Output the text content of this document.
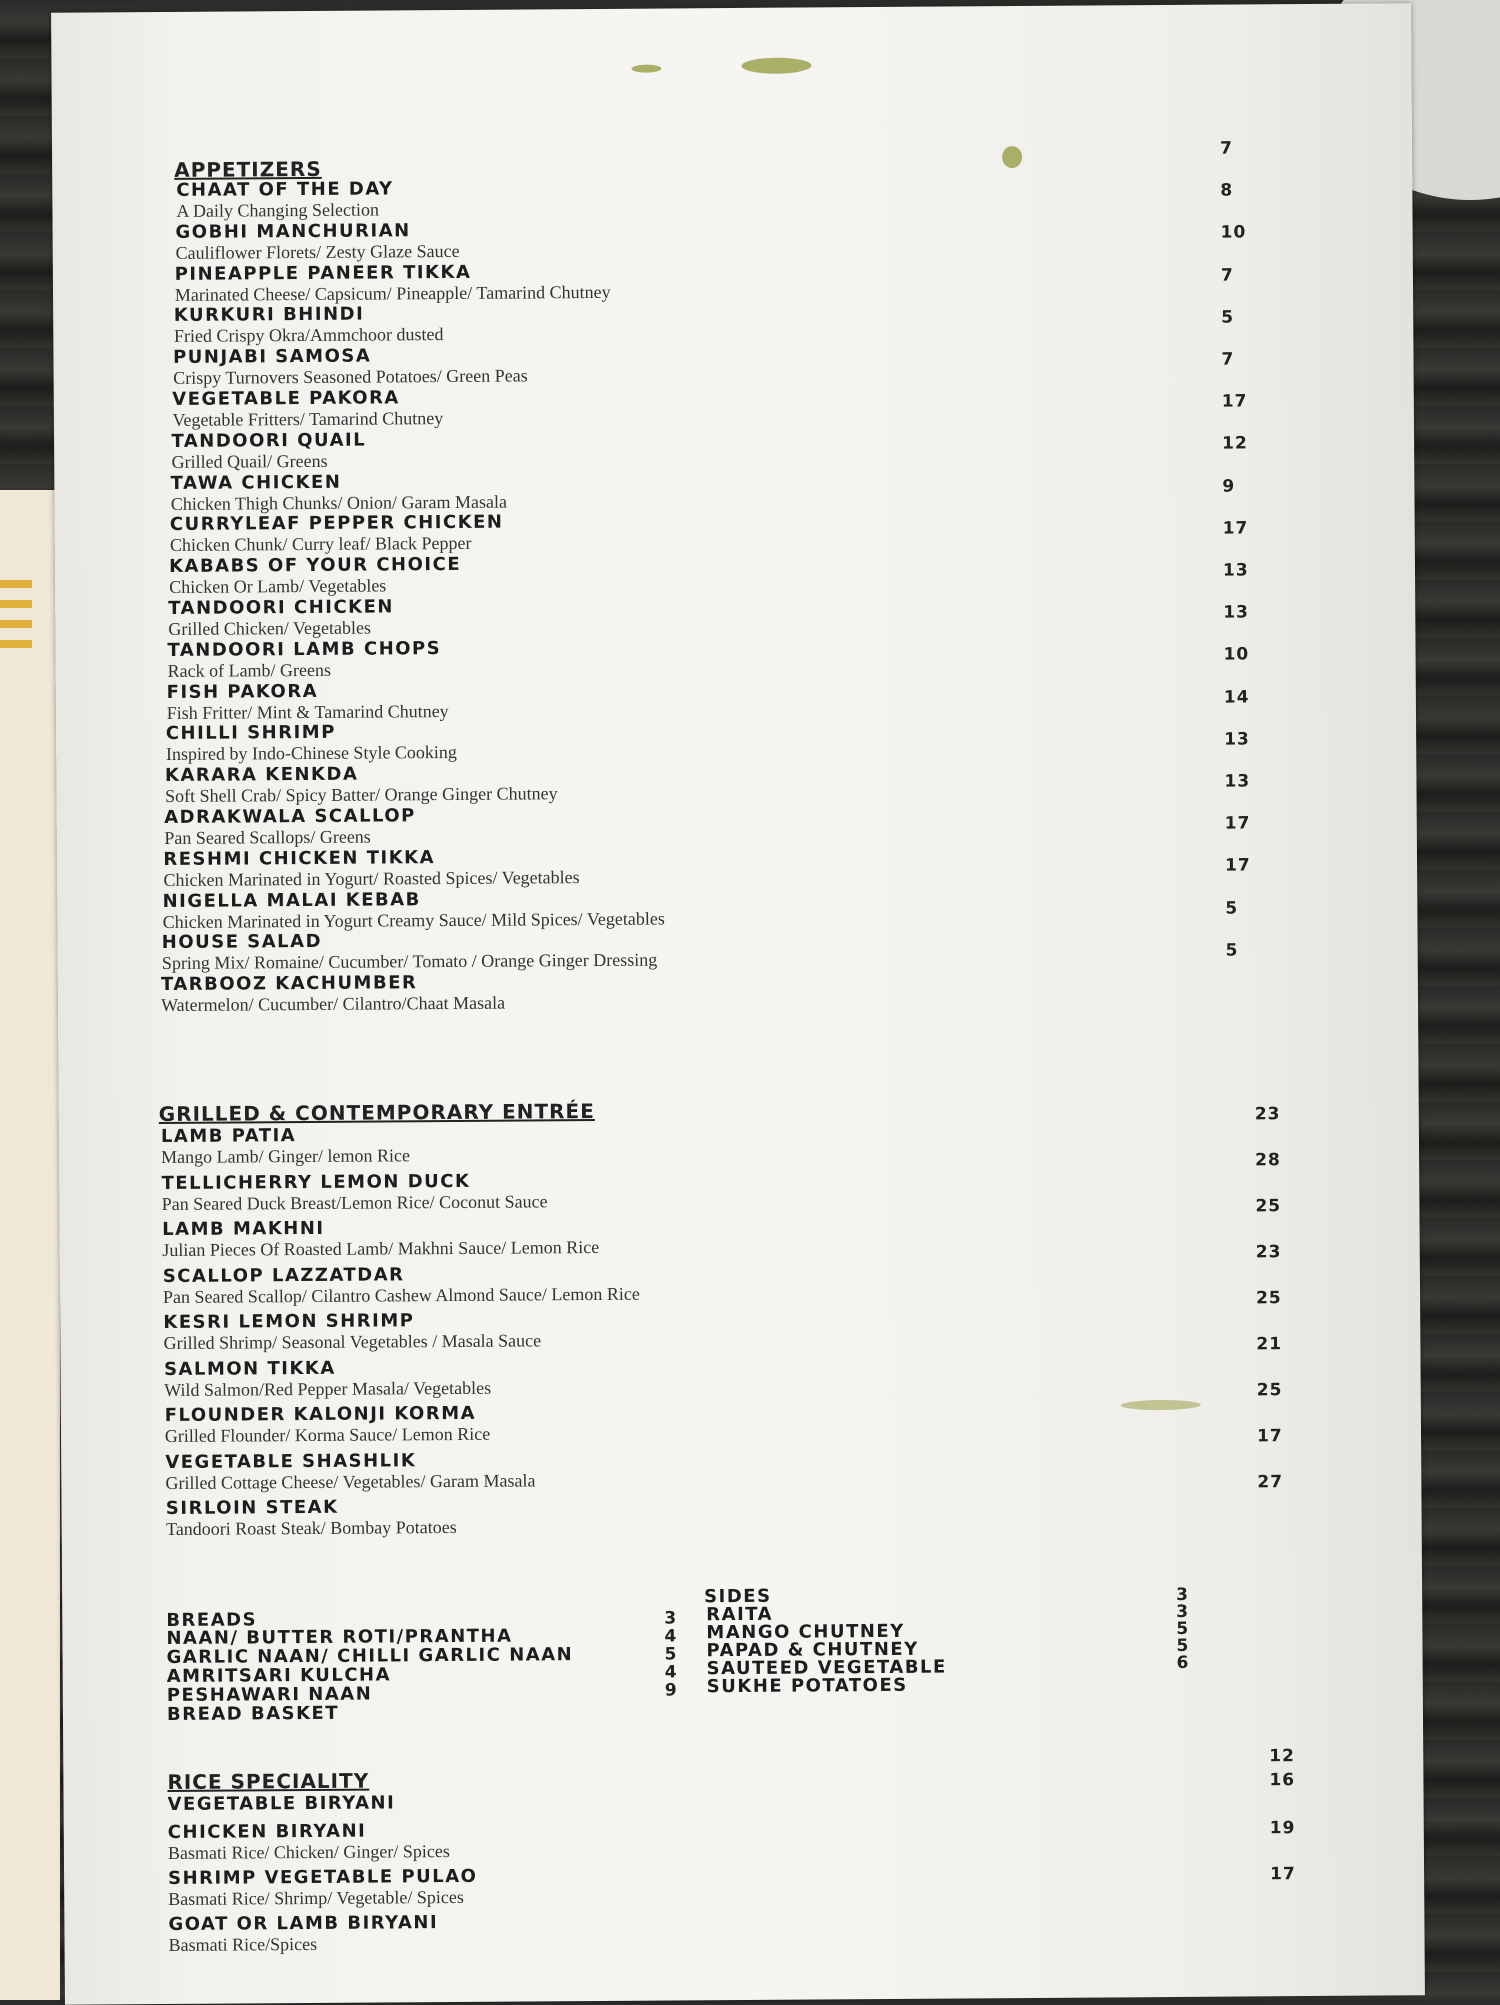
APPETIZERS
CHAAT OF THE DAY
A Daily Changing Selection
GOBHI MANCHURIAN
Cauliflower Florets/ Zesty Glaze Sauce
PINEAPPLE PANEER TIKKA
Marinated Cheese/ Capsicum/ Pineapple/ Tamarind Chutney
KURKURI BHINDI
Fried Crispy Okra/Ammchoor dusted
PUNJABI SAMOSA
Crispy Turnovers Seasoned Potatoes/ Green Peas
VEGETABLE PAKORA
Vegetable Fritters/ Tamarind Chutney
TANDOORI QUAIL
Grilled Quail/ Greens
TAWA CHICKEN
Chicken Thigh Chunks/ Onion/ Garam Masala
CURRYLEAF PEPPER CHICKEN
Chicken Chunk/ Curry leaf/ Black Pepper
KABABS OF YOUR CHOICE
Chicken Or Lamb/ Vegetables
TANDOORI CHICKEN
Grilled Chicken/ Vegetables
TANDOORI LAMB CHOPS
Rack of Lamb/ Greens
FISH PAKORA
Fish Fritter/ Mint & Tamarind Chutney
CHILLI SHRIMP
Inspired by Indo-Chinese Style Cooking
KARARA KENKDA
Soft Shell Crab/ Spicy Batter/ Orange Ginger Chutney
ADRAKWALA SCALLOP
Pan Seared Scallops/ Greens
RESHMI CHICKEN TIKKA
Chicken Marinated in Yogurt/ Roasted Spices/ Vegetables
NIGELLA MALAI KEBAB
Chicken Marinated in Yogurt Creamy Sauce/ Mild Spices/ Vegetables
HOUSE SALAD
Spring Mix/ Romaine/ Cucumber/ Tomato / Orange Ginger Dressing
TARBOOZ KACHUMBER
Watermelon/ Cucumber/ Cilantro/Chaat Masala
7
8
10
7
5
7
17
12
9
17
13
13
10
14
13
13
17
17
5
5
GRILLED & CONTEMPORARY ENTRÉE
LAMB PATIA
Mango Lamb/ Ginger/ lemon Rice
TELLICHERRY LEMON DUCK
Pan Seared Duck Breast/Lemon Rice/ Coconut Sauce
LAMB MAKHNI
Julian Pieces Of Roasted Lamb/ Makhni Sauce/ Lemon Rice
SCALLOP LAZZATDAR
Pan Seared Scallop/ Cilantro Cashew Almond Sauce/ Lemon Rice
KESRI LEMON SHRIMP
Grilled Shrimp/ Seasonal Vegetables / Masala Sauce
SALMON TIKKA
Wild Salmon/Red Pepper Masala/ Vegetables
FLOUNDER KALONJI KORMA
Grilled Flounder/ Korma Sauce/ Lemon Rice
VEGETABLE SHASHLIK
Grilled Cottage Cheese/ Vegetables/ Garam Masala
SIRLOIN STEAK
Tandoori Roast Steak/ Bombay Potatoes
23
28
25
23
25
21
25
17
27
BREADS
NAAN/ BUTTER ROTI/PRANTHA
GARLIC NAAN/ CHILLI GARLIC NAAN
AMRITSARI KULCHA
PESHAWARI NAAN
BREAD BASKET
3
4
5
4
9
SIDES
RAITA
MANGO CHUTNEY
PAPAD & CHUTNEY
SAUTEED VEGETABLE
SUKHE POTATOES
3
3
5
5
6
RICE SPECIALITY
VEGETABLE BIRYANI
CHICKEN BIRYANI
Basmati Rice/ Chicken/ Ginger/ Spices
SHRIMP VEGETABLE PULAO
Basmati Rice/ Shrimp/ Vegetable/ Spices
GOAT OR LAMB BIRYANI
Basmati Rice/Spices
12
16
19
17
